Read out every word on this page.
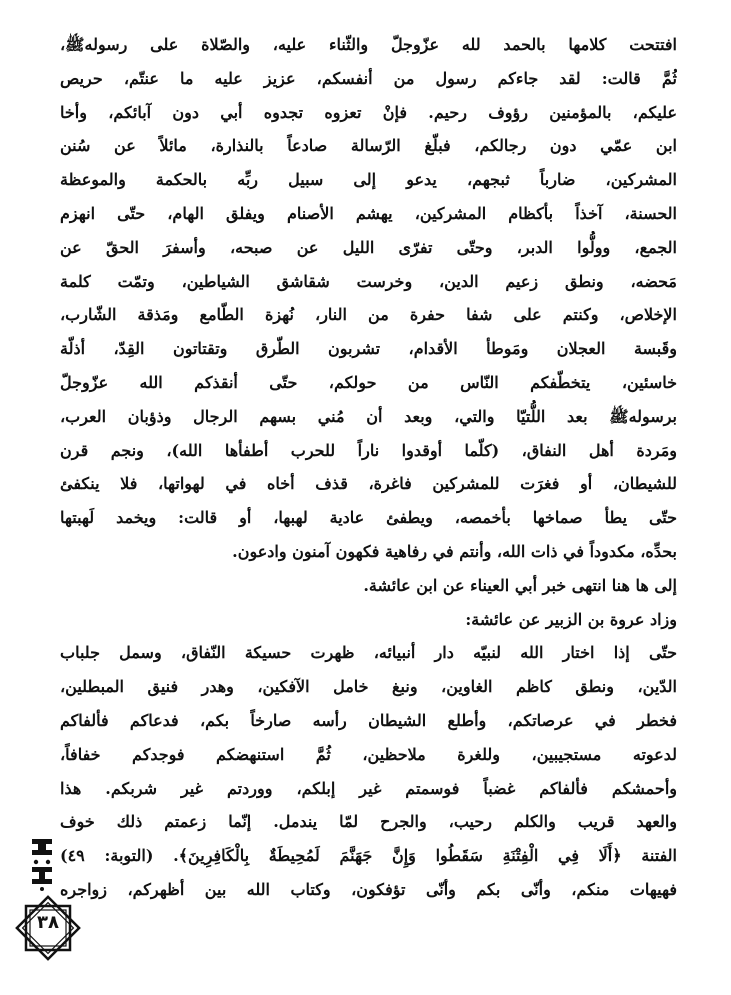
افتتحت كلامها بالحمد لله عزّوجلّ والثّناء عليه، والصّلاة على رسولهﷺ،
ثُمَّ قالت: لقد جاءكم رسول من أنفسكم، عزيز عليه ما عنتّم، حريص
عليكم، بالمؤمنين رؤوف رحيم. فإنْ تعزوه تجدوه أبي دون آبائكم، وأخا
ابن عمّي دون رجالكم، فبلّغ الرّسالة صادعاً بالنذارة، مائلاً عن سُنن
المشركين، ضارباً ثبجهم، يدعو إلى سبيل ربِّه بالحكمة والموعظة
الحسنة، آخذاً بأكظام المشركين، يهشم الأصنام ويفلق الهام، حتّى انهزم
الجمع، وولُّوا الدبر، وحتّى تفرّى الليل عن صبحه، وأسفرَ الحقّ عن
مَحضه، ونطق زعيم الدين، وخرست شقاشق الشياطين، وتمّت كلمة
الإخلاص، وكنتم على شفا حفرة من النار، نُهزة الطّامع ومَذقة الشّارب،
وقَبسة العجلان ومَوطأ الأقدام، تشربون الطّرق وتقتاتون القِدّ، أذلّة
خاسئين، يتخطّفكم النّاس من حولكم، حتّى أنقذكم الله عزّوجلّ
برسولهﷺ بعد اللُّتيّا والتي، وبعد أن مُني بسهم الرجال وذؤبان العرب،
ومَردة أهل النفاق، (كلّما أوقدوا ناراً للحرب أطفأها الله)، ونجم قرن
للشيطان، أو فغرَت للمشركين فاغرة، قذف أخاه في لهواتها، فلا ينكفئ
حتّى يطأ صماخها بأخمصه، ويطفئ عادية لهبها، أو قالت: ويخمد لَهبتها
بحدِّه، مكدوداً في ذات الله، وأنتم في رفاهية فكهون آمنون وادعون.
إلى ها هنا انتهى خبر أبي العيناء عن ابن عائشة.
وزاد عروة بن الزبير عن عائشة:
حتّى إذا اختار الله لنبيّه دار أنبيائه، ظهرت حسيكة النّفاق، وسمل جلباب
الدّين، ونطق كاظم الغاوين، ونبغ خامل الآفكين، وهدر فنيق المبطلين،
فخطر في عرصاتكم، وأطلع الشيطان رأسه صارخاً بكم، فدعاكم فألفاكم
لدعوته مستجيبين، وللغرة ملاحظين، ثُمَّ استنهضكم فوجدكم خفافاً،
وأحمشكم فألفاكم غضباً فوسمتم غير إبلكم، ووردتم غير شربكم. هذا
والعهد قريب والكلم رحيب، والجرح لمّا يندمل. إنّما زعمتم ذلك خوف
الفتنة ﴿أَلَا فِي الْفِتْنَةِ سَقَطُوا وَإِنَّ جَهَنَّمَ لَمُحِيطَةٌ بِالْكَافِرِينَ﴾. (التوبة: ٤٩)
فهيهات منكم، وأنّى بكم وأنّى تؤفكون، وكتاب الله بين أظهركم، زواجره
٣٨
